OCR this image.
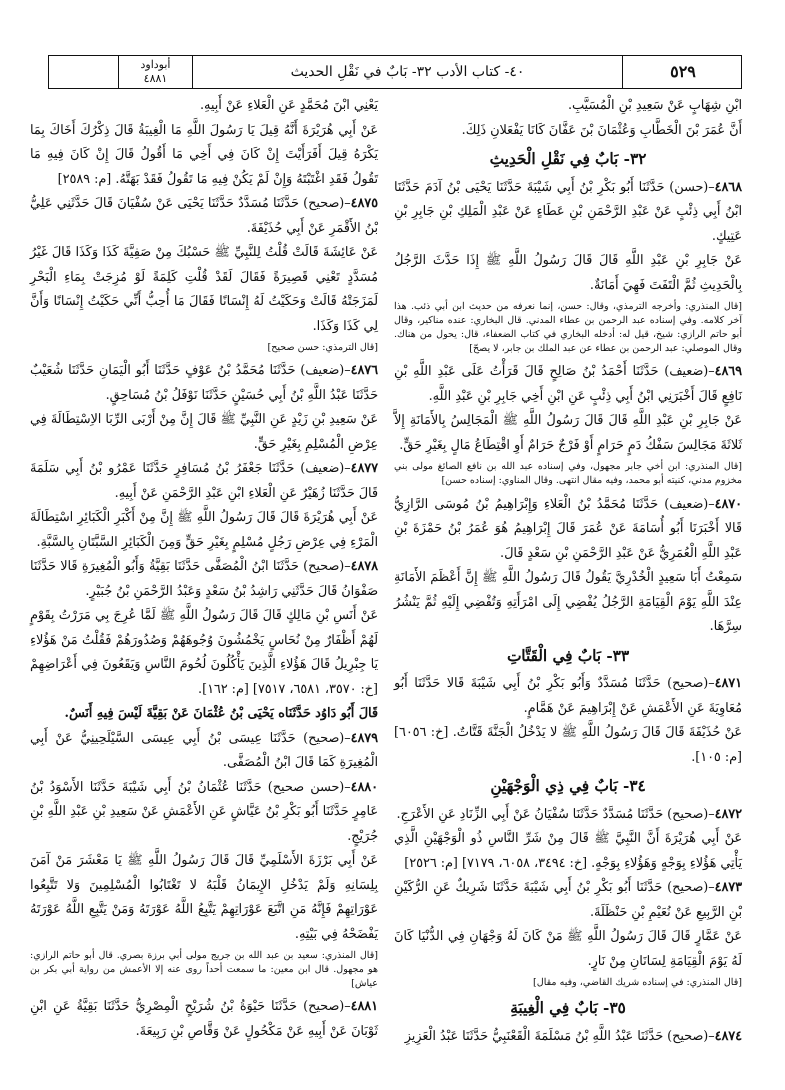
أبوداود
٤٨٨١	٤٠- كتاب الأدب ٣٢- بَابٌ في نَقْلِ الحديث	٥٢٩

ابْنِ شِهَابٍ عَنْ سَعِيدِ بْنِ الْمُسَيَّبِ.

أَنَّ عُمَرَ بْنَ الْخَطَّابِ وَعُثْمَانَ بْنَ عَفَّانَ كَانَا يَفْعَلانِ ذَلِكَ.

٣٢- بَابٌ فِي نَقْلِ الْحَدِيثِ

٤٨٦٨–(حسن) حَدَّثَنَا أَبُو بَكْرِ بْنُ أَبِي شَيْبَةَ حَدَّثَنَا يَحْيَى بْنُ آدَمَ حَدَّثَنَا ابْنُ أَبِي ذِئْبٍ عَنْ عَبْدِ الرَّحْمَنِ بْنِ عَطَاءٍ عَنْ عَبْدِ الْمَلِكِ بْنِ جَابِرِ بْنِ عَتِيكٍ.

عَنْ جَابِرِ بْنِ عَبْدِ اللَّهِ قَالَ قَالَ رَسُولُ اللَّهِ ﷺ إِذَا حَدَّثَ الرَّجُلُ بِالْحَدِيثِ ثُمَّ الْتَفَتَ فَهِيَ أَمَانَةٌ.

[قال المنذري: وأخرجه الترمذي، وقال: حسن، إنما نعرفه من حديث ابن أبي ذئب. هذا آخر كلامه. وفي إسناده عبد الرحمن بن عطاء المدني. قال البخاري: عنده مناكير، وقال أبو حاتم الرازي: شيخ، قيل له: أدخله البخاري في كتاب الضعفاء، قال: يحول من هناك. وقال الموصلي: عبد الرحمن بن عطاء عن عبد الملك بن جابر، لا يصحّ]

٤٨٦٩–(ضعيف) حَدَّثَنَا أَحْمَدُ بْنُ صَالِحٍ قَالَ قَرَأْتُ عَلَى عَبْدِ اللَّهِ بْنِ نَافِعٍ قَالَ أَخْبَرَنِي ابْنُ أَبِي ذِئْبٍ عَنِ ابْنِ أَخِي جَابِرِ بْنِ عَبْدِ اللَّهِ.

عَنْ جَابِرِ بْنِ عَبْدِ اللَّهِ قَالَ قَالَ رَسُولُ اللَّهِ ﷺ الْمَجَالِسُ بِالأَمَانَةِ إِلاَّ ثَلاثَةَ مَجَالِسَ سَفْكُ دَمٍ حَرَامٍ أَوْ فَرْجٌ حَرَامٌ أَوِ اقْتِطَاعُ مَالٍ بِغَيْرِ حَقٍّ.

[قال المنذري: ابن أخي جابر مجهول، وفي إسناده عبد الله بن نافع الصائغ مولى بني مخزوم مدني، كنيته أبو محمد، وفيه مقال انتهى. وقال المناوي: إسناده حسن]

٤٨٧٠–(ضعيف) حَدَّثَنَا مُحَمَّدُ بْنُ الْعَلاءِ وَإِبْرَاهِيمُ بْنُ مُوسَى الرَّازِيُّ قَالا أَخْبَرَنَا أَبُو أُسَامَةَ عَنْ عُمَرَ قَالَ إِبْرَاهِيمُ هُوَ عُمَرُ بْنُ حَمْزَةَ بْنِ عَبْدِ اللَّهِ الْعُمَرِيُّ عَنْ عَبْدِ الرَّحْمَنِ بْنِ سَعْدٍ قَالَ.

سَمِعْتُ أَبَا سَعِيدٍ الْخُدْرِيَّ يَقُولُ قَالَ رَسُولُ اللَّهِ ﷺ إِنَّ أَعْظَمَ الأَمَانَةِ عِنْدَ اللَّهِ يَوْمَ الْقِيَامَةِ الرَّجُلُ يُفْضِي إِلَى امْرَأَتِهِ وَتُفْضِي إِلَيْهِ ثُمَّ يَنْشُرُ سِرَّهَا.

٣٣- بَابٌ فِي الْقَتَّاتِ

٤٨٧١–(صحيح) حَدَّثَنَا مُسَدَّدٌ وَأَبُو بَكْرِ بْنُ أَبِي شَيْبَةَ قَالا حَدَّثَنَا أَبُو مُعَاوِيَةَ عَنِ الأَعْمَشِ عَنْ إِبْرَاهِيمَ عَنْ هَمَّامٍ.

عَنْ حُذَيْفَةَ قَالَ قَالَ رَسُولُ اللَّهِ ﷺ لا يَدْخُلُ الْجَنَّةَ قَتَّاتٌ. [خ: ٦٠٥٦] [م: ١٠٥].

٣٤- بَابٌ فِي ذِي الْوَجْهَيْنِ

٤٨٧٢–(صحيح) حَدَّثَنَا مُسَدَّدٌ حَدَّثَنَا سُفْيَانُ عَنْ أَبِي الزِّنَادِ عَنِ الأَعْرَجِ.

عَنْ أَبِي هُرَيْرَةَ أَنَّ النَّبِيَّ ﷺ قَالَ مِنْ شَرِّ النَّاسِ ذُو الْوَجْهَيْنِ الَّذِي يَأْتِي هَؤُلاءِ بِوَجْهٍ وَهَؤُلاءِ بِوَجْهٍ. [خ: ٣٤٩٤، ٦٠٥٨، ٧١٧٩] [م: ٢٥٢٦]

٤٨٧٣–(صحيح) حَدَّثَنَا أَبُو بَكْرِ بْنُ أَبِي شَيْبَةَ حَدَّثَنَا شَرِيكٌ عَنِ الرُّكَيْنِ بْنِ الرَّبِيعِ عَنْ نُعَيْمِ بْنِ حَنْظَلَةَ.

عَنْ عَمَّارٍ قَالَ قَالَ رَسُولُ اللَّهِ ﷺ مَنْ كَانَ لَهُ وَجْهَانِ فِي الدُّنْيَا كَانَ لَهُ يَوْمَ الْقِيَامَةِ لِسَانَانِ مِنْ نَارٍ.

[قال المنذري: في إسناده شريك القاضي، وفيه مقال]

٣٥- بَابٌ فِي الْغِيبَةِ

٤٨٧٤–(صحيح) حَدَّثَنَا عَبْدُ اللَّهِ بْنُ مَسْلَمَةَ الْقَعْنَبِيُّ حَدَّثَنَا عَبْدُ الْعَزِيزِ

يَعْنِي ابْنَ مُحَمَّدٍ عَنِ الْعَلاءِ عَنْ أَبِيهِ.

عَنْ أَبِي هُرَيْرَةَ أَنَّهُ قِيلَ يَا رَسُولَ اللَّهِ مَا الْغِيبَةُ قَالَ ذِكْرُكَ أَخَاكَ بِمَا يَكْرَهُ قِيلَ أَفَرَأَيْتَ إِنْ كَانَ فِي أَخِي مَا أَقُولُ قَالَ إِنْ كَانَ فِيهِ مَا تَقُولُ فَقَدِ اغْتَبْتَهُ وَإِنْ لَمْ يَكُنْ فِيهِ مَا تَقُولُ فَقَدْ بَهَتَّهُ. [م: ٢٥٨٩]

٤٨٧٥–(صحيح) حَدَّثَنَا مُسَدَّدٌ حَدَّثَنَا يَحْيَى عَنْ سُفْيَانَ قَالَ حَدَّثَنِي عَلِيُّ بْنُ الأَقْمَرِ عَنْ أَبِي حُذَيْفَةَ.

عَنْ عَائِشَةَ قَالَتْ قُلْتُ لِلنَّبِيِّ ﷺ حَسْبُكَ مِنْ صَفِيَّةَ كَذَا وَكَذَا قَالَ غَيْرُ مُسَدَّدٍ تَعْنِي قَصِيرَةً فَقَالَ لَقَدْ قُلْتِ كَلِمَةً لَوْ مُزِجَتْ بِمَاءِ الْبَحْرِ لَمَزَجَتْهُ قَالَتْ وَحَكَيْتُ لَهُ إِنْسَانًا فَقَالَ مَا أُحِبُّ أَنِّي حَكَيْتُ إِنْسَانًا وَأَنَّ لِي كَذَا وَكَذَا.

[قال الترمذي: حسن صحيح]

٤٨٧٦–(ضعيف) حَدَّثَنَا مُحَمَّدُ بْنُ عَوْفٍ حَدَّثَنَا أَبُو الْيَمَانِ حَدَّثَنَا شُعَيْبٌ حَدَّثَنَا عَبْدُ اللَّهِ بْنُ أَبِي حُسَيْنٍ حَدَّثَنَا نَوْفَلُ بْنُ مُسَاحِقٍ.

عَنْ سَعِيدِ بْنِ زَيْدٍ عَنِ النَّبِيِّ ﷺ قَالَ إِنَّ مِنْ أَرْبَى الرِّبَا الاِسْتِطَالَةَ فِي عِرْضِ الْمُسْلِمِ بِغَيْرِ حَقٍّ.

٤٨٧٧–(ضعيف) حَدَّثَنَا جَعْفَرُ بْنُ مُسَافِرٍ حَدَّثَنَا عَمْرُو بْنُ أَبِي سَلَمَةَ قَالَ حَدَّثَنَا زُهَيْرٌ عَنِ الْعَلاءِ ابْنِ عَبْدِ الرَّحْمَنِ عَنْ أَبِيهِ.

عَنْ أَبِي هُرَيْرَةَ قَالَ قَالَ رَسُولُ اللَّهِ ﷺ إِنَّ مِنْ أَكْبَرِ الْكَبَائِرِ اسْتِطَالَةَ الْمَرْءِ فِي عِرْضِ رَجُلٍ مُسْلِمٍ بِغَيْرِ حَقٍّ وَمِنَ الْكَبَائِرِ السَّبَّتَانِ بِالسَّبَّةِ.

٤٨٧٨–(صحيح) حَدَّثَنَا ابْنُ الْمُصَفَّى حَدَّثَنَا بَقِيَّةُ وَأَبُو الْمُغِيرَةِ قَالا حَدَّثَنَا صَفْوَانُ قَالَ حَدَّثَنِي رَاشِدُ بْنُ سَعْدٍ وَعَبْدُ الرَّحْمَنِ بْنُ جُبَيْرٍ.

عَنْ أَنَسِ بْنِ مَالِكٍ قَالَ قَالَ رَسُولُ اللَّهِ ﷺ لَمَّا عُرِجَ بِي مَرَرْتُ بِقَوْمٍ لَهُمْ أَظْفَارٌ مِنْ نُحَاسٍ يَخْمُشُونَ وُجُوهَهُمْ وَصُدُورَهُمْ فَقُلْتُ مَنْ هَؤُلاءِ يَا جِبْرِيلُ قَالَ هَؤُلاءِ الَّذِينَ يَأْكُلُونَ لُحُومَ النَّاسِ وَيَقَعُونَ فِي أَعْرَاضِهِمْ [خ: ٣٥٧٠، ٦٥٨١، ٧٥١٧] [م: ١٦٢].

قَالَ أَبُو دَاوُد حَدَّثَنَاه يَحْيَى بْنُ عُثْمَانَ عَنْ بَقِيَّةَ لَيْسَ فِيهِ أَنَسٌ.

٤٨٧٩–(صحيح) حَدَّثَنَا عِيسَى بْنُ أَبِي عِيسَى السَّيْلَحِينِيُّ عَنْ أَبِي الْمُغِيرَةِ كَمَا قَالَ ابْنُ الْمُصَفَّى.

٤٨٨٠–(حسن صحيح) حَدَّثَنَا عُثْمَانُ بْنُ أَبِي شَيْبَةَ حَدَّثَنَا الأَسْوَدُ بْنُ عَامِرٍ حَدَّثَنَا أَبُو بَكْرِ بْنُ عَيَّاشٍ عَنِ الأَعْمَشِ عَنْ سَعِيدِ بْنِ عَبْدِ اللَّهِ بْنِ جُرَيْجٍ.

عَنْ أَبِي بَرْزَةَ الأَسْلَمِيِّ قَالَ قَالَ رَسُولُ اللَّهِ ﷺ يَا مَعْشَرَ مَنْ آمَنَ بِلِسَانِهِ وَلَمْ يَدْخُلِ الإِيمَانُ قَلْبَهُ لا تَغْتَابُوا الْمُسْلِمِينَ وَلا تَتَّبِعُوا عَوْرَاتِهِمْ فَإِنَّهُ مَنِ اتَّبَعَ عَوْرَاتِهِمْ يَتَّبِعُ اللَّهُ عَوْرَتَهُ وَمَنْ يَتَّبِعِ اللَّهُ عَوْرَتَهُ يَفْضَحْهُ فِي بَيْتِهِ.

[قال المنذري: سعيد بن عبد الله بن جريج مولى أبي برزة بصري. قال أبو حاتم الرازي: هو مجهول. قال ابن معين: ما سمعت أحداً روى عنه إلا الأعمش من رواية أبي بكر بن عياش]

٤٨٨١–(صحيح) حَدَّثَنَا حَيْوَةُ بْنُ شُرَيْحٍ الْمِصْرِيُّ حَدَّثَنَا بَقِيَّةُ عَنِ ابْنِ ثَوْبَانَ عَنْ أَبِيهِ عَنْ مَكْحُولٍ عَنْ وَقَّاصِ بْنِ رَبِيعَةَ.
